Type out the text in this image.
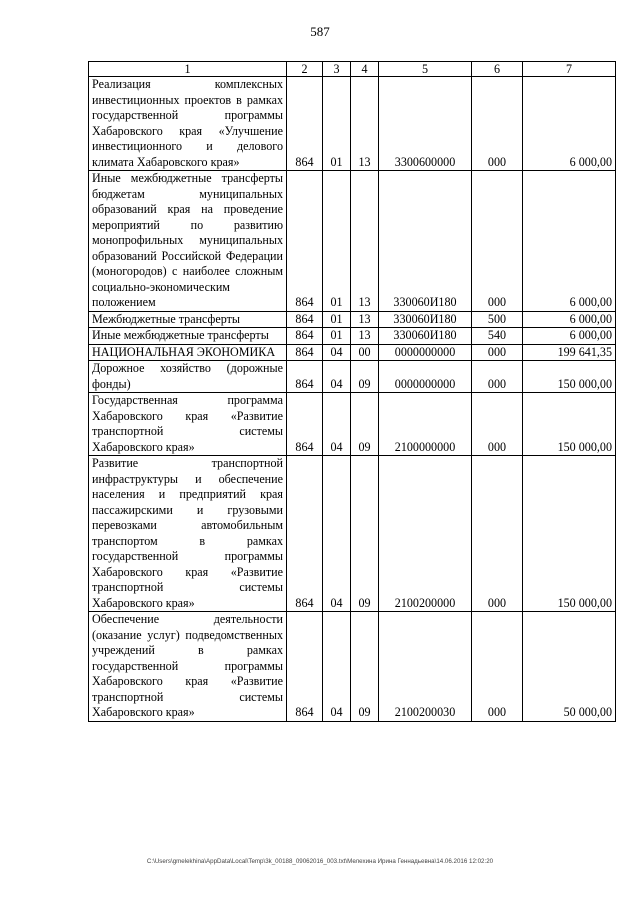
587
1	2	3	4	5	6	7
Реализация комплексных инвестиционных проектов в рамках государственной программы Хабаровского края «Улучшение инвестиционного и делового климата Хабаровского края»	864	01	13	3300600000	000	6 000,00
Иные межбюджетные трансферты бюджетам муниципальных образований края на проведение мероприятий по развитию монопрофильных муниципальных образований Российской Федерации (моногородов) с наиболее сложным социально-экономическим положением	864	01	13	330060И180	000	6 000,00
Межбюджетные трансферты	864	01	13	330060И180	500	6 000,00
Иные межбюджетные трансферты	864	01	13	330060И180	540	6 000,00
НАЦИОНАЛЬНАЯ ЭКОНОМИКА	864	04	00	0000000000	000	199 641,35
Дорожное хозяйство (дорожные фонды)	864	04	09	0000000000	000	150 000,00
Государственная программа Хабаровского края «Развитие транспортной системы Хабаровского края»	864	04	09	2100000000	000	150 000,00
Развитие транспортной инфраструктуры и обеспечение населения и предприятий края пассажирскими и грузовыми перевозками автомобильным транспортом в рамках государственной программы Хабаровского края «Развитие транспортной системы Хабаровского края»	864	04	09	2100200000	000	150 000,00
Обеспечение деятельности (оказание услуг) подведомственных учреждений в рамках государственной программы Хабаровского края «Развитие транспортной системы Хабаровского края»	864	04	09	2100200030	000	50 000,00
C:\Users\gmelekhina\AppData\Local\Temp\3k_00188_09062016_003.txt\Мелехина Ирина Геннадьевна\14.06.2016 12:02:20
